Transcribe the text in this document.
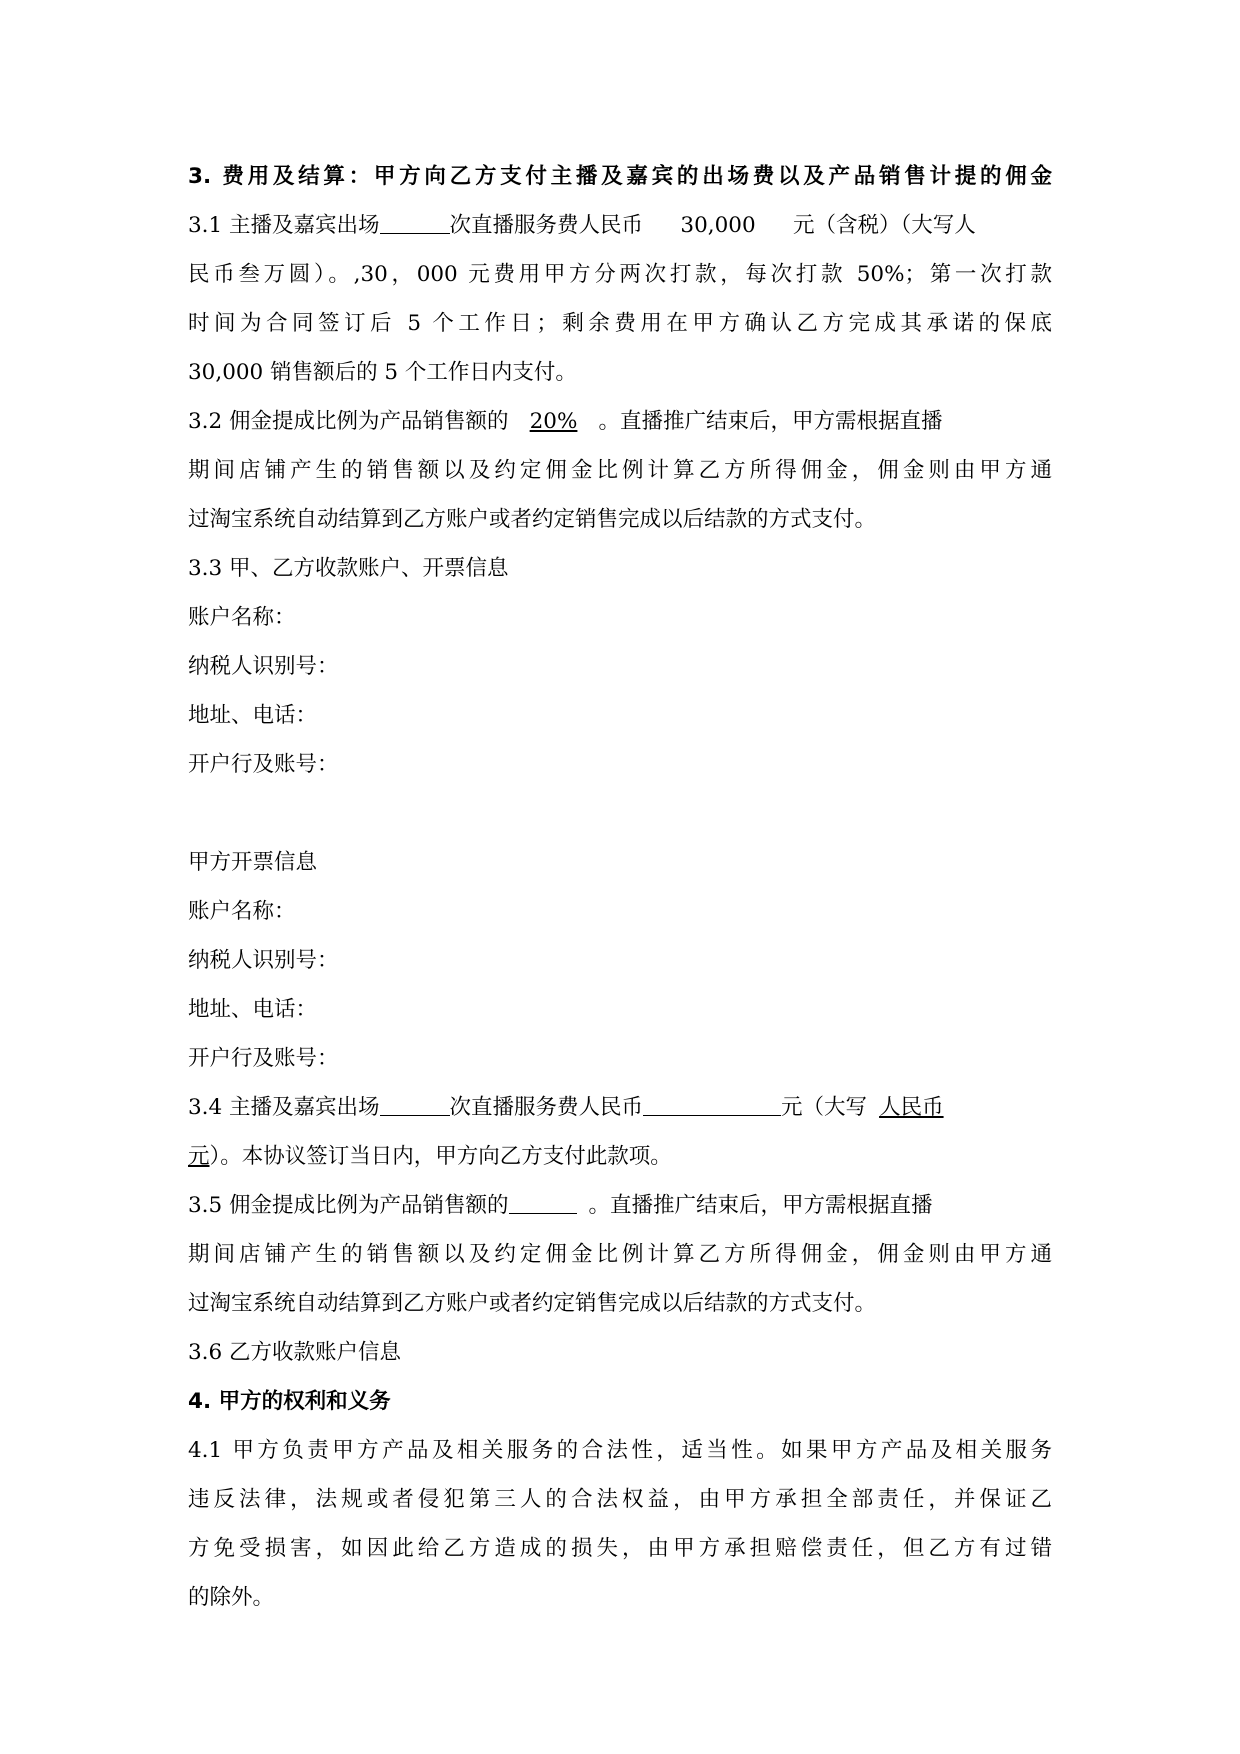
3. 费用及结算：甲方向乙方支付主播及嘉宾的出场费以及产品销售计提的佣金
3.1 主播及嘉宾出场	次直播服务费人民币 30,000 元（含税）（大写人
民币叁万圆）。,30，000 元费用甲方分两次打款，每次打款 50%；第一次打款
时间为合同签订后 5 个工作日；剩余费用在甲方确认乙方完成其承诺的保底
30,000 销售额后的 5 个工作日内支付。
3.2 佣金提成比例为产品销售额的 20% 。直播推广结束后，甲方需根据直播
期间店铺产生的销售额以及约定佣金比例计算乙方所得佣金，佣金则由甲方通
过淘宝系统自动结算到乙方账户或者约定销售完成以后结款的方式支付。
3.3 甲、乙方收款账户、开票信息
账户名称：
纳税人识别号：
地址、电话：
开户行及账号：
甲方开票信息
账户名称：
纳税人识别号：
地址、电话：
开户行及账号：
3.4 主播及嘉宾出场	次直播服务费人民币	元（大写 人民币
元）。本协议签订当日内，甲方向乙方支付此款项。
3.5 佣金提成比例为产品销售额的	。直播推广结束后，甲方需根据直播
期间店铺产生的销售额以及约定佣金比例计算乙方所得佣金，佣金则由甲方通
过淘宝系统自动结算到乙方账户或者约定销售完成以后结款的方式支付。
3.6 乙方收款账户信息
4. 甲方的权利和义务
4.1 甲方负责甲方产品及相关服务的合法性，适当性。如果甲方产品及相关服务
违反法律，法规或者侵犯第三人的合法权益，由甲方承担全部责任，并保证乙
方免受损害，如因此给乙方造成的损失，由甲方承担赔偿责任，但乙方有过错
的除外。
